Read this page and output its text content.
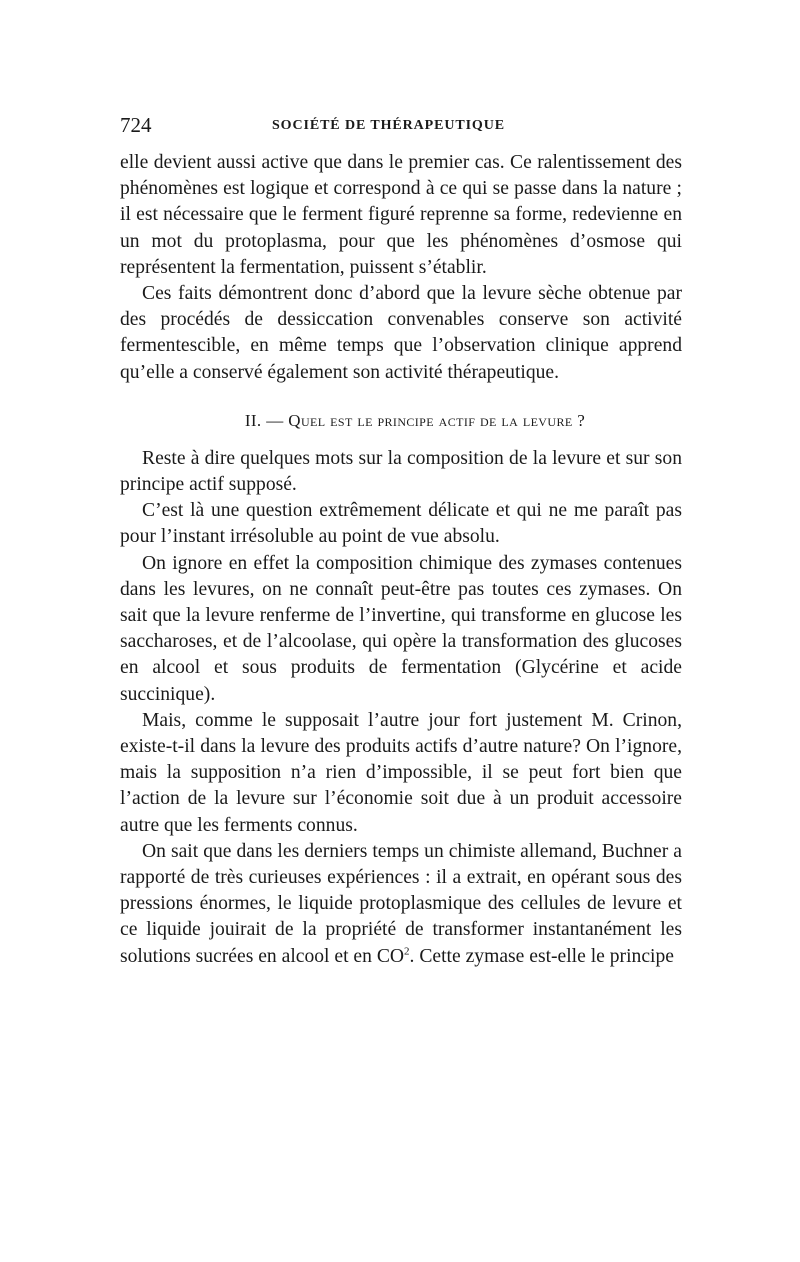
724	SOCIÉTÉ DE THÉRAPEUTIQUE

elle devient aussi active que dans le premier cas. Ce ralentissement des phénomènes est logique et correspond à ce qui se passe dans la nature ; il est nécessaire que le ferment figuré reprenne sa forme, redevienne en un mot du protoplasma, pour que les phénomènes d’osmose qui représentent la fermentation, puissent s’établir.

Ces faits démontrent donc d’abord que la levure sèche obtenue par des procédés de dessiccation convenables conserve son activité fermentescible, en même temps que l’observation clinique apprend qu’elle a conservé également son activité thérapeutique.

II. — Quel est le principe actif de la levure ?

Reste à dire quelques mots sur la composition de la levure et sur son principe actif supposé.

C’est là une question extrêmement délicate et qui ne me paraît pas pour l’instant irrésoluble au point de vue absolu.

On ignore en effet la composition chimique des zymases contenues dans les levures, on ne connaît peut-être pas toutes ces zymases. On sait que la levure renferme de l’invertine, qui transforme en glucose les saccharoses, et de l’alcoolase, qui opère la transformation des glucoses en alcool et sous produits de fermentation (Glycérine et acide succinique).

Mais, comme le supposait l’autre jour fort justement M. Crinon, existe-t-il dans la levure des produits actifs d’autre nature? On l’ignore, mais la supposition n’a rien d’impossible, il se peut fort bien que l’action de la levure sur l’économie soit due à un produit accessoire autre que les ferments connus.

On sait que dans les derniers temps un chimiste allemand, Buchner a rapporté de très curieuses expériences : il a extrait, en opérant sous des pressions énormes, le liquide protoplasmique des cellules de levure et ce liquide jouirait de la propriété de transformer instantanément les solutions sucrées en alcool et en $CO^2$. Cette zymase est-elle le principe
